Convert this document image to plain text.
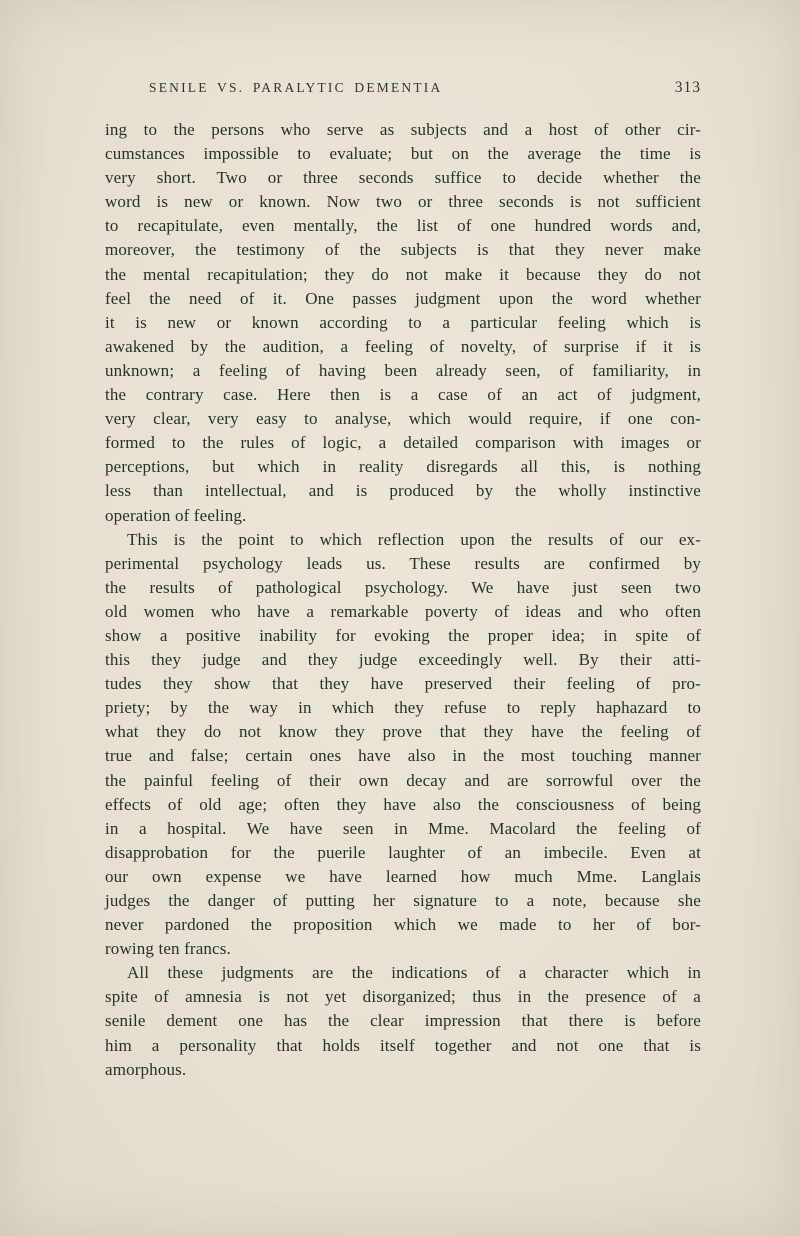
SENILE VS. PARALYTIC DEMENTIA	313
ing to the persons who serve as subjects and a host of other cir-
cumstances impossible to evaluate; but on the average the time is
very short. Two or three seconds suffice to decide whether the
word is new or known. Now two or three seconds is not sufficient
to recapitulate, even mentally, the list of one hundred words and,
moreover, the testimony of the subjects is that they never make
the mental recapitulation; they do not make it because they do not
feel the need of it. One passes judgment upon the word whether
it is new or known according to a particular feeling which is
awakened by the audition, a feeling of novelty, of surprise if it is
unknown; a feeling of having been already seen, of familiarity, in
the contrary case. Here then is a case of an act of judgment,
very clear, very easy to analyse, which would require, if one con-
formed to the rules of logic, a detailed comparison with images or
perceptions, but which in reality disregards all this, is nothing
less than intellectual, and is produced by the wholly instinctive
operation of feeling.
This is the point to which reflection upon the results of our ex-
perimental psychology leads us. These results are confirmed by
the results of pathological psychology. We have just seen two
old women who have a remarkable poverty of ideas and who often
show a positive inability for evoking the proper idea; in spite of
this they judge and they judge exceedingly well. By their atti-
tudes they show that they have preserved their feeling of pro-
priety; by the way in which they refuse to reply haphazard to
what they do not know they prove that they have the feeling of
true and false; certain ones have also in the most touching manner
the painful feeling of their own decay and are sorrowful over the
effects of old age; often they have also the consciousness of being
in a hospital. We have seen in Mme. Macolard the feeling of
disapprobation for the puerile laughter of an imbecile. Even at
our own expense we have learned how much Mme. Langlais
judges the danger of putting her signature to a note, because she
never pardoned the proposition which we made to her of bor-
rowing ten francs.
All these judgments are the indications of a character which in
spite of amnesia is not yet disorganized; thus in the presence of a
senile dement one has the clear impression that there is before
him a personality that holds itself together and not one that is
amorphous.
